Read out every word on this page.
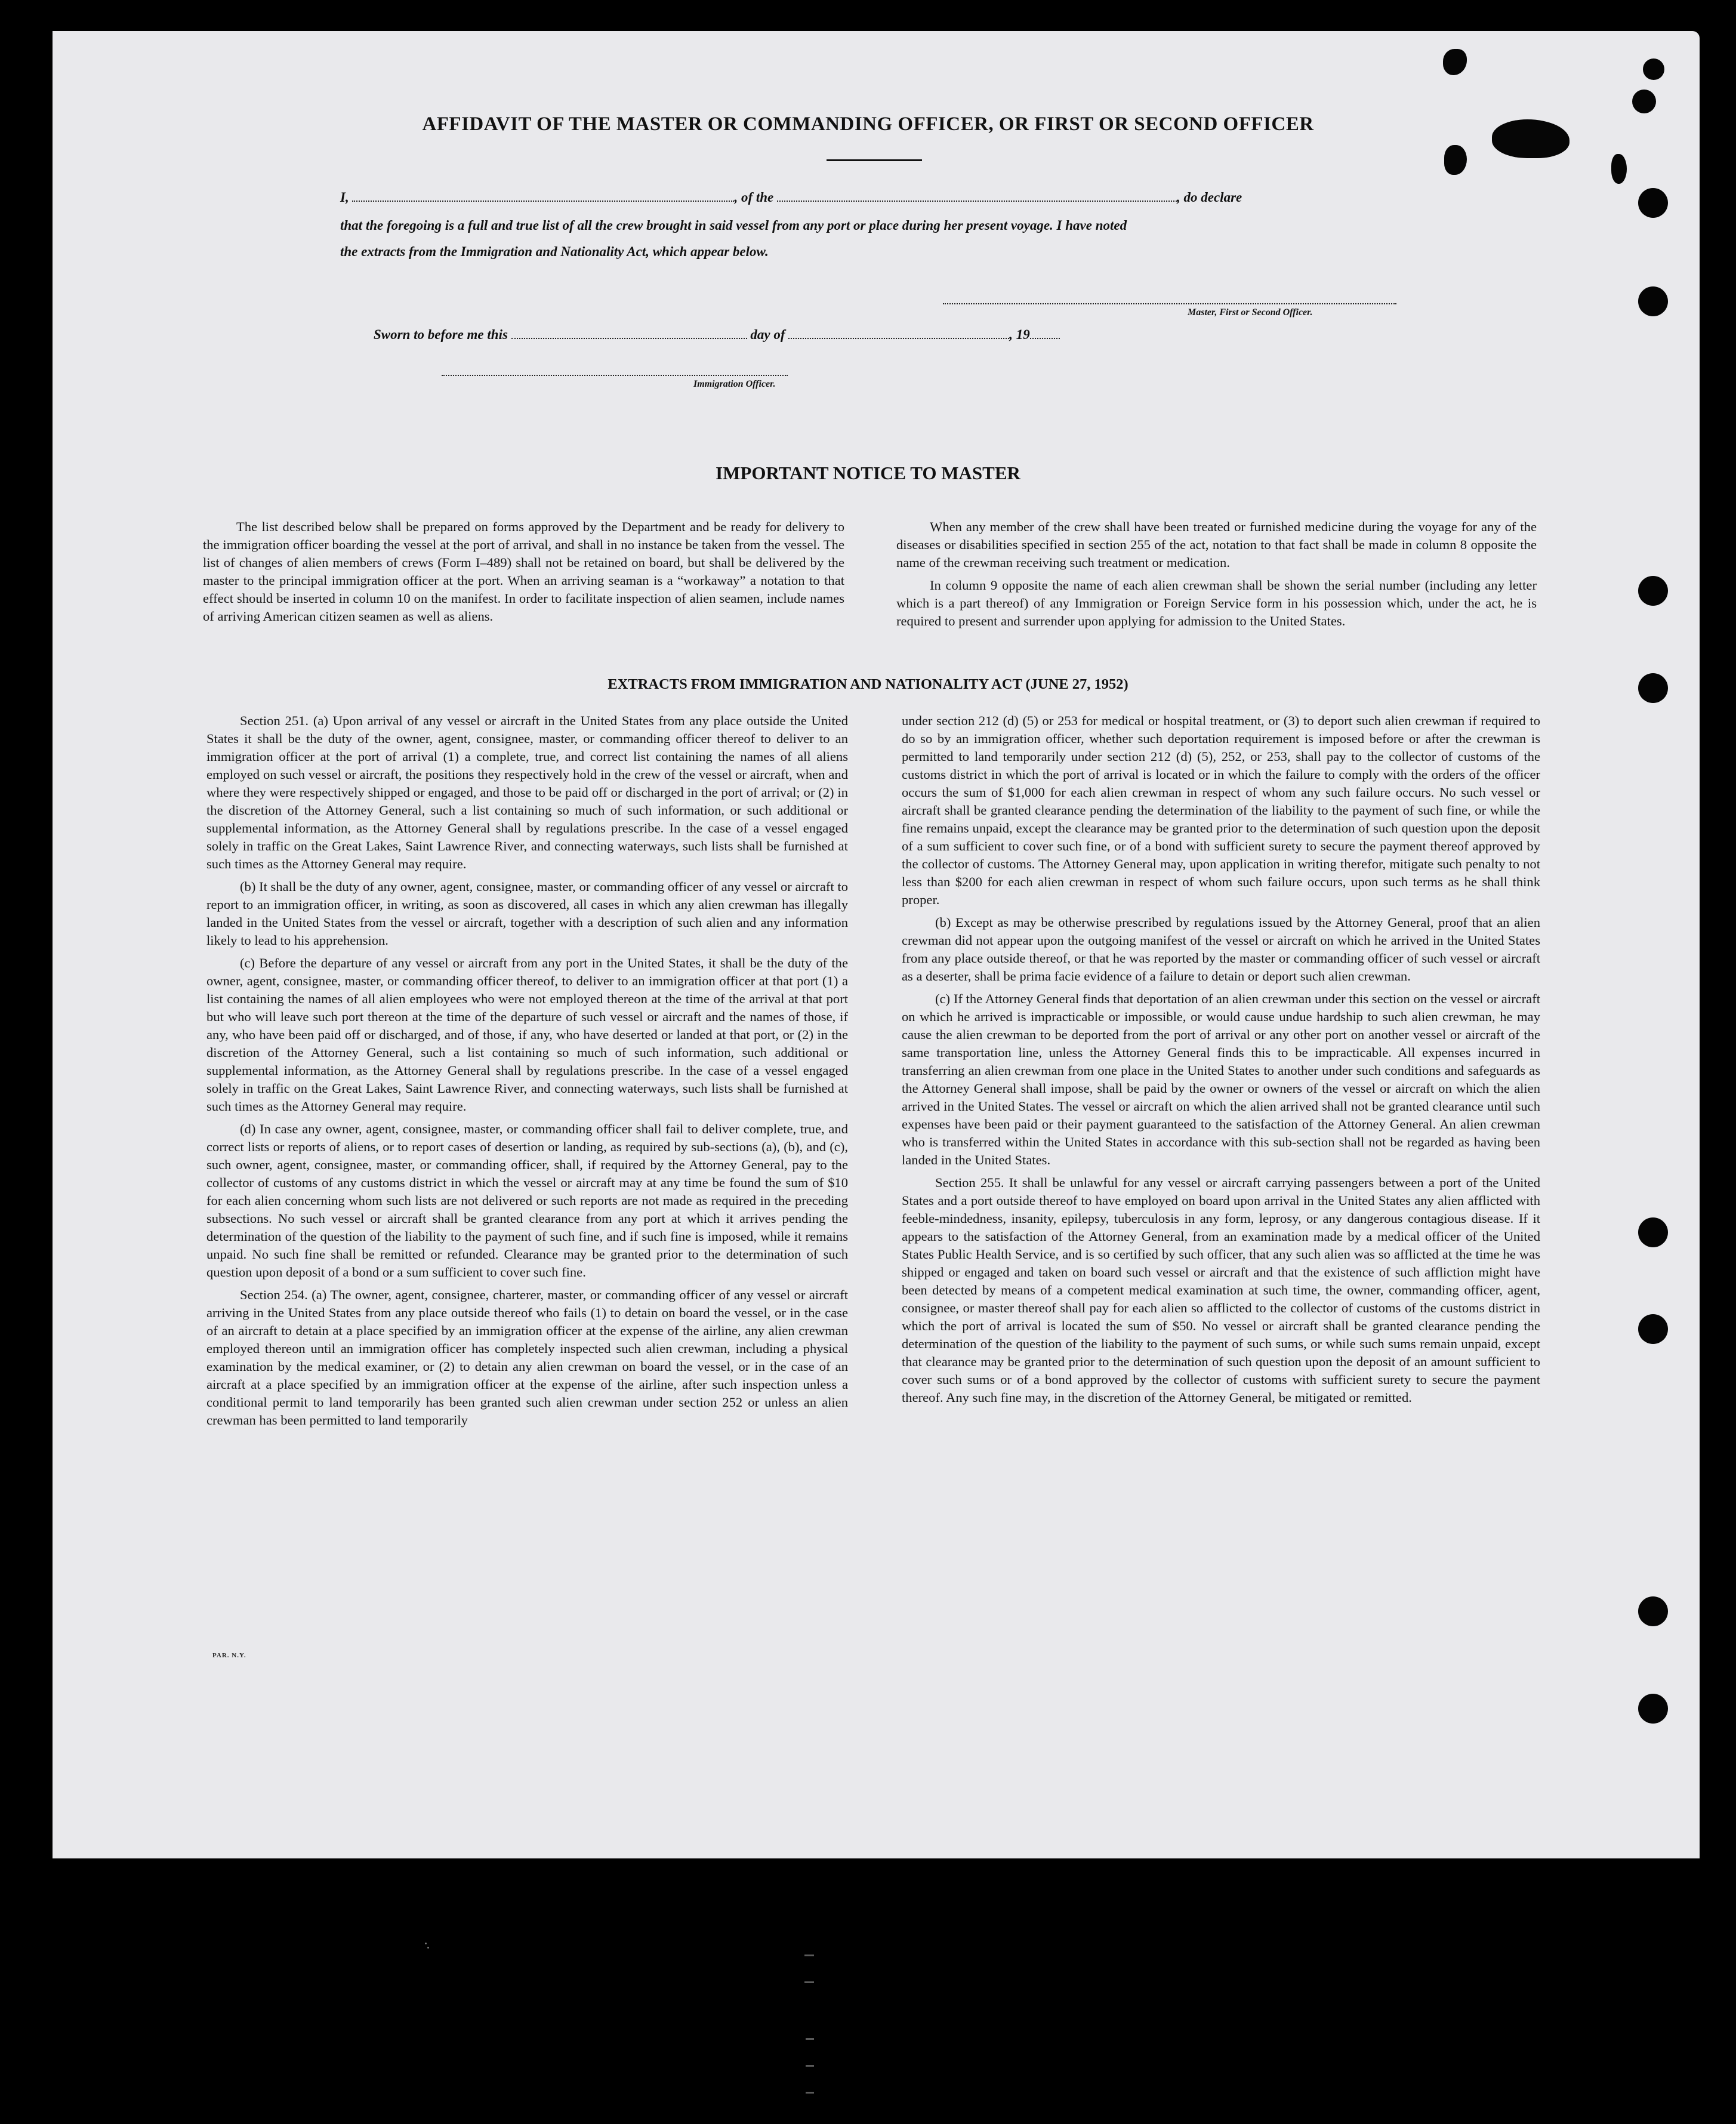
AFFIDAVIT OF THE MASTER OR COMMANDING OFFICER, OR FIRST OR SECOND OFFICER
I,	, of the	, do declare
that the foregoing is a full and true list of all the crew brought in said vessel from any port or place during her present voyage. I have noted
the extracts from the Immigration and Nationality Act, which appear below.
Master, First or Second Officer.
Sworn to before me this	day of	, 19
Immigration Officer.
IMPORTANT NOTICE TO MASTER

The list described below shall be prepared on forms approved by the Department and be ready for delivery to the immigration officer boarding the vessel at the port of arrival, and shall in no instance be taken from the vessel. The list of changes of alien members of crews (Form I–489) shall not be retained on board, but shall be delivered by the master to the principal immigration officer at the port. When an arriving seaman is a “workaway” a notation to that effect should be inserted in column 10 on the manifest. In order to facilitate inspection of alien seamen, include names of arriving American citizen seamen as well as aliens.

When any member of the crew shall have been treated or furnished medicine during the voyage for any of the diseases or disabilities specified in section 255 of the act, notation to that fact shall be made in column 8 opposite the name of the crewman receiving such treatment or medication.

In column 9 opposite the name of each alien crewman shall be shown the serial number (including any letter which is a part thereof) of any Immigration or Foreign Service form in his possession which, under the act, he is required to present and surrender upon applying for admission to the United States.

EXTRACTS FROM IMMIGRATION AND NATIONALITY ACT (JUNE 27, 1952)

Section 251. (a) Upon arrival of any vessel or aircraft in the United States from any place outside the United States it shall be the duty of the owner, agent, consignee, master, or commanding officer thereof to deliver to an immigration officer at the port of arrival (1) a complete, true, and correct list containing the names of all aliens employed on such vessel or aircraft, the positions they respectively hold in the crew of the vessel or aircraft, when and where they were respectively shipped or engaged, and those to be paid off or discharged in the port of arrival; or (2) in the discretion of the Attorney General, such a list containing so much of such information, or such additional or supplemental information, as the Attorney General shall by regulations prescribe. In the case of a vessel engaged solely in traffic on the Great Lakes, Saint Lawrence River, and connecting waterways, such lists shall be furnished at such times as the Attorney General may require.

(b) It shall be the duty of any owner, agent, consignee, master, or commanding officer of any vessel or aircraft to report to an immigration officer, in writing, as soon as discovered, all cases in which any alien crewman has illegally landed in the United States from the vessel or aircraft, together with a description of such alien and any information likely to lead to his apprehension.

(c) Before the departure of any vessel or aircraft from any port in the United States, it shall be the duty of the owner, agent, consignee, master, or commanding officer thereof, to deliver to an immigration officer at that port (1) a list containing the names of all alien employees who were not employed thereon at the time of the arrival at that port but who will leave such port thereon at the time of the departure of such vessel or aircraft and the names of those, if any, who have been paid off or discharged, and of those, if any, who have deserted or landed at that port, or (2) in the discretion of the Attorney General, such a list containing so much of such information, such additional or supplemental information, as the Attorney General shall by regulations prescribe. In the case of a vessel engaged solely in traffic on the Great Lakes, Saint Lawrence River, and connecting waterways, such lists shall be furnished at such times as the Attorney General may require.

(d) In case any owner, agent, consignee, master, or commanding officer shall fail to deliver complete, true, and correct lists or reports of aliens, or to report cases of desertion or landing, as required by sub-sections (a), (b), and (c), such owner, agent, consignee, master, or commanding officer, shall, if required by the Attorney General, pay to the collector of customs of any customs district in which the vessel or aircraft may at any time be found the sum of $10 for each alien concerning whom such lists are not delivered or such reports are not made as required in the preceding subsections. No such vessel or aircraft shall be granted clearance from any port at which it arrives pending the determination of the question of the liability to the payment of such fine, and if such fine is imposed, while it remains unpaid. No such fine shall be remitted or refunded. Clearance may be granted prior to the determination of such question upon deposit of a bond or a sum sufficient to cover such fine.

Section 254. (a) The owner, agent, consignee, charterer, master, or commanding officer of any vessel or aircraft arriving in the United States from any place outside thereof who fails (1) to detain on board the vessel, or in the case of an aircraft to detain at a place specified by an immigration officer at the expense of the airline, any alien crewman employed thereon until an immigration officer has completely inspected such alien crewman, including a physical examination by the medical examiner, or (2) to detain any alien crewman on board the vessel, or in the case of an aircraft at a place specified by an immigration officer at the expense of the airline, after such inspection unless a conditional permit to land temporarily has been granted such alien crewman under section 252 or unless an alien crewman has been permitted to land temporarily

under section 212 (d) (5) or 253 for medical or hospital treatment, or (3) to deport such alien crewman if required to do so by an immigration officer, whether such deportation requirement is imposed before or after the crewman is permitted to land temporarily under section 212 (d) (5), 252, or 253, shall pay to the collector of customs of the customs district in which the port of arrival is located or in which the failure to comply with the orders of the officer occurs the sum of $1,000 for each alien crewman in respect of whom any such failure occurs. No such vessel or aircraft shall be granted clearance pending the determination of the liability to the payment of such fine, or while the fine remains unpaid, except the clearance may be granted prior to the determination of such question upon the deposit of a sum sufficient to cover such fine, or of a bond with sufficient surety to secure the payment thereof approved by the collector of customs. The Attorney General may, upon application in writing therefor, mitigate such penalty to not less than $200 for each alien crewman in respect of whom such failure occurs, upon such terms as he shall think proper.

(b) Except as may be otherwise prescribed by regulations issued by the Attorney General, proof that an alien crewman did not appear upon the outgoing manifest of the vessel or aircraft on which he arrived in the United States from any place outside thereof, or that he was reported by the master or commanding officer of such vessel or aircraft as a deserter, shall be prima facie evidence of a failure to detain or deport such alien crewman.

(c) If the Attorney General finds that deportation of an alien crewman under this section on the vessel or aircraft on which he arrived is impracticable or impossible, or would cause undue hardship to such alien crewman, he may cause the alien crewman to be deported from the port of arrival or any other port on another vessel or aircraft of the same transportation line, unless the Attorney General finds this to be impracticable. All expenses incurred in transferring an alien crewman from one place in the United States to another under such conditions and safeguards as the Attorney General shall impose, shall be paid by the owner or owners of the vessel or aircraft on which the alien arrived in the United States. The vessel or aircraft on which the alien arrived shall not be granted clearance until such expenses have been paid or their payment guaranteed to the satisfaction of the Attorney General. An alien crewman who is transferred within the United States in accordance with this sub-section shall not be regarded as having been landed in the United States.

Section 255. It shall be unlawful for any vessel or aircraft carrying passengers between a port of the United States and a port outside thereof to have employed on board upon arrival in the United States any alien afflicted with feeble-mindedness, insanity, epilepsy, tuberculosis in any form, leprosy, or any dangerous contagious disease. If it appears to the satisfaction of the Attorney General, from an examination made by a medical officer of the United States Public Health Service, and is so certified by such officer, that any such alien was so afflicted at the time he was shipped or engaged and taken on board such vessel or aircraft and that the existence of such affliction might have been detected by means of a competent medical examination at such time, the owner, commanding officer, agent, consignee, or master thereof shall pay for each alien so afflicted to the collector of customs of the customs district in which the port of arrival is located the sum of $50. No vessel or aircraft shall be granted clearance pending the determination of the question of the liability to the payment of such sums, or while such sums remain unpaid, except that clearance may be granted prior to the determination of such question upon the deposit of an amount sufficient to cover such sums or of a bond approved by the collector of customs with sufficient surety to secure the payment thereof. Any such fine may, in the discretion of the Attorney General, be mitigated or remitted.

PAR. N.Y.
